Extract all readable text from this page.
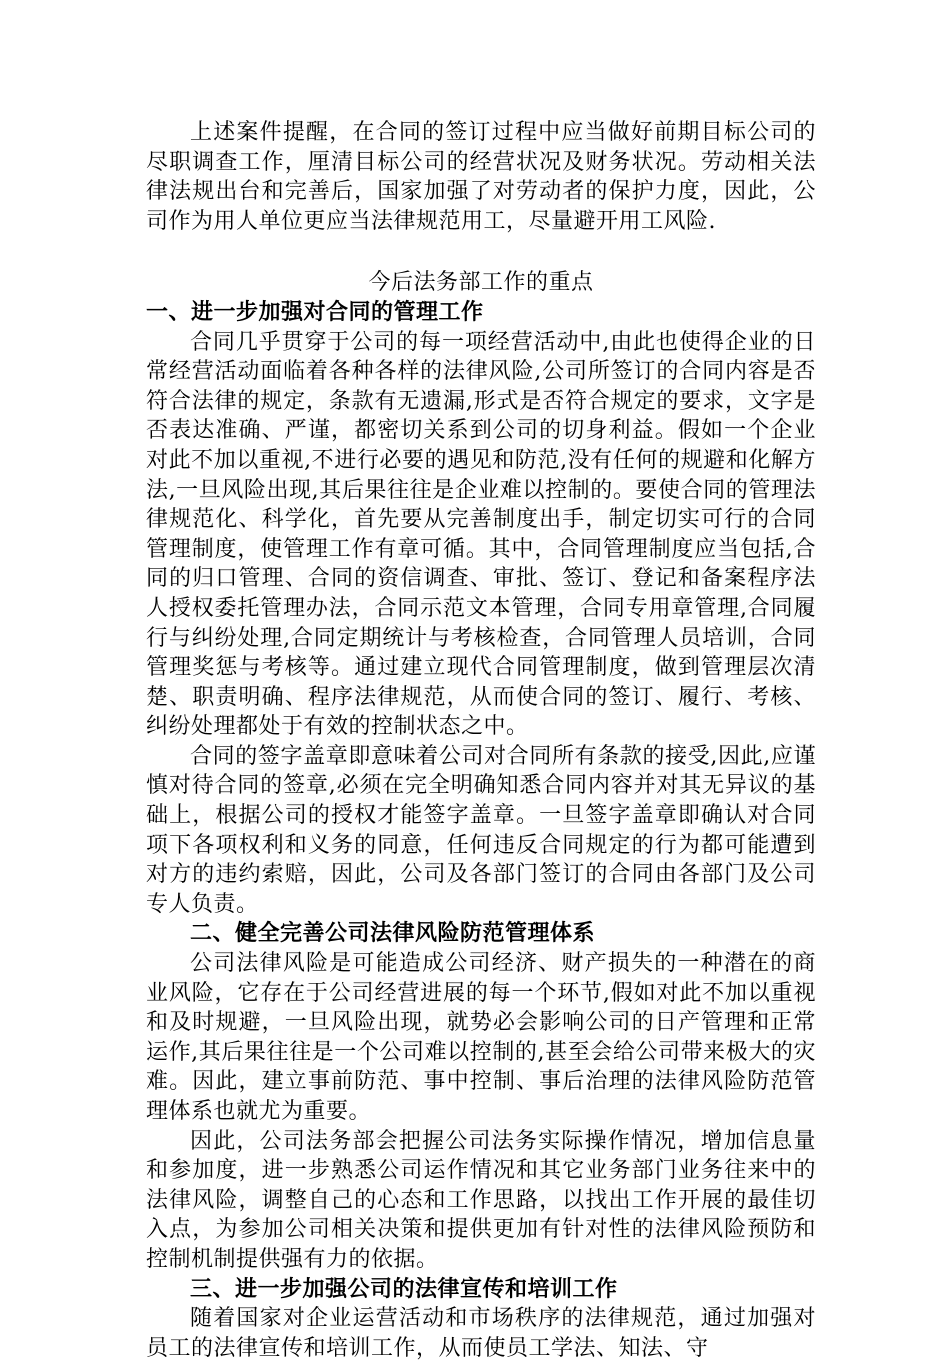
上述案件提醒，在合同的签订过程中应当做好前期目标公司的尽职调查工作，厘清目标公司的经营状况及财务状况。劳动相关法律法规出台和完善后，国家加强了对劳动者的保护力度，因此，公司作为用人单位更应当法律规范用工，尽量避开用工风险.

今后法务部工作的重点
一、进一步加强对合同的管理工作

合同几乎贯穿于公司的每一项经营活动中,由此也使得企业的日常经营活动面临着各种各样的法律风险,公司所签订的合同内容是否符合法律的规定，条款有无遗漏,形式是否符合规定的要求，文字是否表达准确、严谨，都密切关系到公司的切身利益。假如一个企业对此不加以重视,不进行必要的遇见和防范,没有任何的规避和化解方法,一旦风险出现,其后果往往是企业难以控制的。要使合同的管理法律规范化、科学化，首先要从完善制度出手，制定切实可行的合同管理制度，使管理工作有章可循。其中，合同管理制度应当包括,合同的归口管理、合同的资信调查、审批、签订、登记和备案程序法人授权委托管理办法，合同示范文本管理，合同专用章管理,合同履行与纠纷处理,合同定期统计与考核检查，合同管理人员培训，合同管理奖惩与考核等。通过建立现代合同管理制度，做到管理层次清楚、职责明确、程序法律规范，从而使合同的签订、履行、考核、纠纷处理都处于有效的控制状态之中。

合同的签字盖章即意味着公司对合同所有条款的接受,因此,应谨慎对待合同的签章,必须在完全明确知悉合同内容并对其无异议的基础上，根据公司的授权才能签字盖章。一旦签字盖章即确认对合同项下各项权利和义务的同意，任何违反合同规定的行为都可能遭到对方的违约索赔，因此，公司及各部门签订的合同由各部门及公司专人负责。

二、健全完善公司法律风险防范管理体系

公司法律风险是可能造成公司经济、财产损失的一种潜在的商业风险，它存在于公司经营进展的每一个环节,假如对此不加以重视和及时规避，一旦风险出现，就势必会影响公司的日产管理和正常运作,其后果往往是一个公司难以控制的,甚至会给公司带来极大的灾难。因此，建立事前防范、事中控制、事后治理的法律风险防范管理体系也就尤为重要。

因此，公司法务部会把握公司法务实际操作情况，增加信息量和参加度，进一步熟悉公司运作情况和其它业务部门业务往来中的法律风险，调整自己的心态和工作思路，以找出工作开展的最佳切入点，为参加公司相关决策和提供更加有针对性的法律风险预防和控制机制提供强有力的依据。

三、进一步加强公司的法律宣传和培训工作

随着国家对企业运营活动和市场秩序的法律规范，通过加强对员工的法律宣传和培训工作，从而使员工学法、知法、守
